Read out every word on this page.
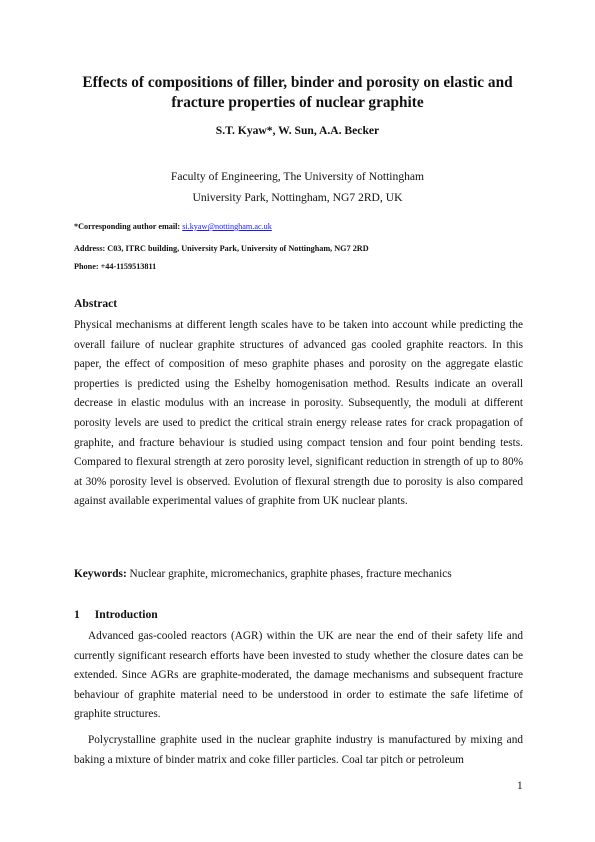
Effects of compositions of filler, binder and porosity on elastic and fracture properties of nuclear graphite
S.T. Kyaw*, W. Sun, A.A. Becker
Faculty of Engineering, The University of Nottingham
University Park, Nottingham, NG7 2RD, UK
*Corresponding author email: si.kyaw@nottingham.ac.uk
Address: C03, ITRC building, University Park, University of Nottingham, NG7 2RD
Phone: +44-1159513811
Abstract

Physical mechanisms at different length scales have to be taken into account while predicting the overall failure of nuclear graphite structures of advanced gas cooled graphite reactors. In this paper, the effect of composition of meso graphite phases and porosity on the aggregate elastic properties is predicted using the Eshelby homogenisation method. Results indicate an overall decrease in elastic modulus with an increase in porosity. Subsequently, the moduli at different porosity levels are used to predict the critical strain energy release rates for crack propagation of graphite, and fracture behaviour is studied using compact tension and four point bending tests. Compared to flexural strength at zero porosity level, significant reduction in strength of up to 80% at 30% porosity level is observed. Evolution of flexural strength due to porosity is also compared against available experimental values of graphite from UK nuclear plants.

Keywords: Nuclear graphite, micromechanics, graphite phases, fracture mechanics
1 Introduction

Advanced gas-cooled reactors (AGR) within the UK are near the end of their safety life and currently significant research efforts have been invested to study whether the closure dates can be extended. Since AGRs are graphite-moderated, the damage mechanisms and subsequent fracture behaviour of graphite material need to be understood in order to estimate the safe lifetime of graphite structures.

Polycrystalline graphite used in the nuclear graphite industry is manufactured by mixing and baking a mixture of binder matrix and coke filler particles. Coal tar pitch or petroleum

1
